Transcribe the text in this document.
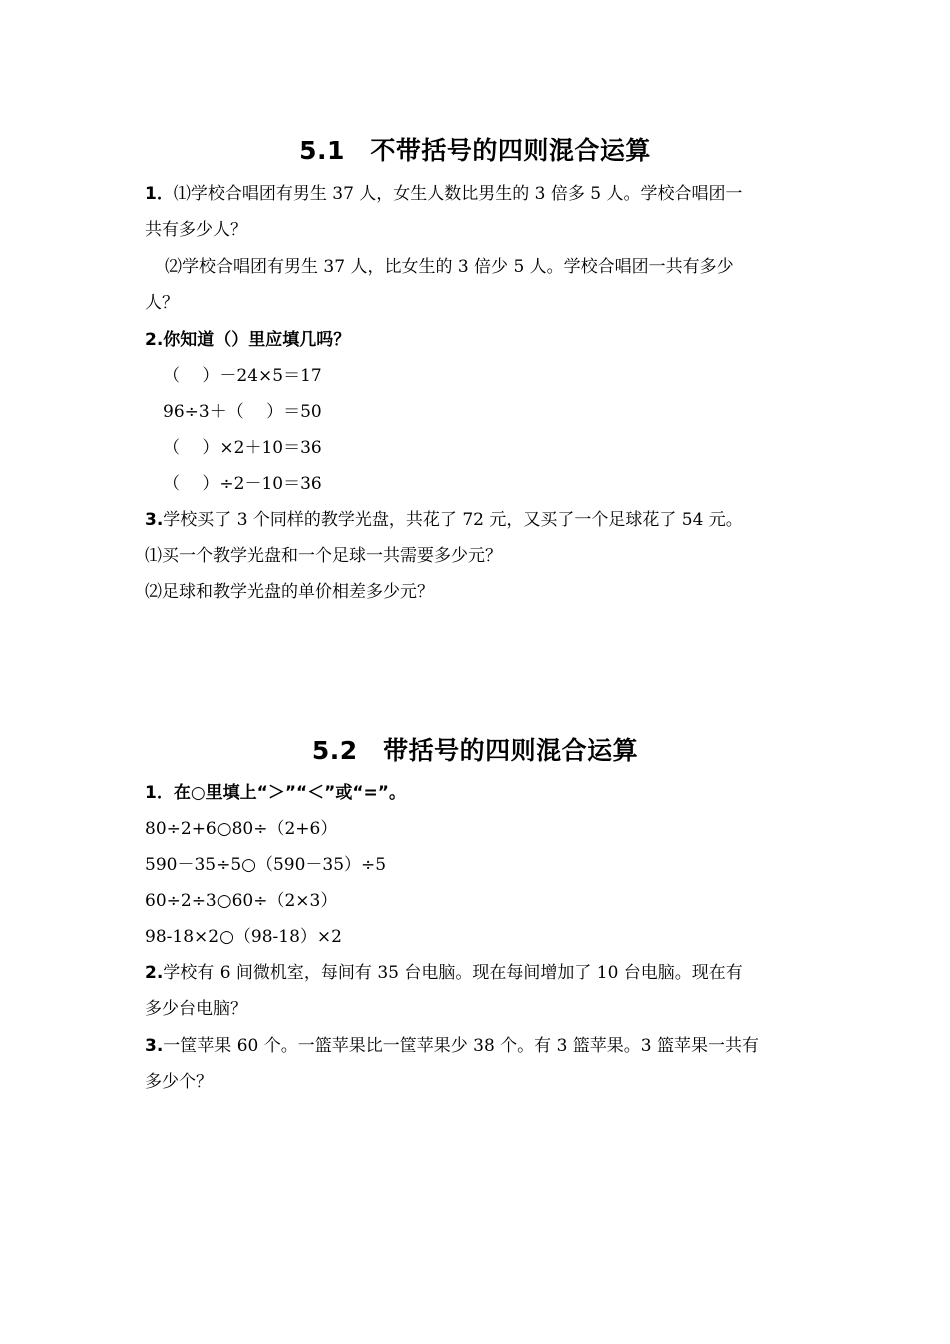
5.1　不带括号的四则混合运算
1．⑴学校合唱团有男生 37 人，女生人数比男生的 3 倍多 5 人。学校合唱团一
共有多少人？
⑵学校合唱团有男生 37 人，比女生的 3 倍少 5 人。学校合唱团一共有多少
人？
2.你知道（）里应填几吗？
（　 ）－24×5＝17
96÷3＋（　 ）＝50
（　 ）×2＋10＝36
（　 ）÷2－10＝36
3.学校买了 3 个同样的教学光盘，共花了 72 元，又买了一个足球花了 54 元。
⑴买一个教学光盘和一个足球一共需要多少元？
⑵足球和教学光盘的单价相差多少元？
5.2　带括号的四则混合运算
1．在○里填上“＞”“＜”或“=”。
80÷2+6○80÷（2+6）
590－35÷5○（590－35）÷5
60÷2÷3○60÷（2×3）
98-18×2○（98-18）×2
2.学校有 6 间微机室，每间有 35 台电脑。现在每间增加了 10 台电脑。现在有
多少台电脑？
3.一筐苹果 60 个。一篮苹果比一筐苹果少 38 个。有 3 篮苹果。3 篮苹果一共有
多少个？
